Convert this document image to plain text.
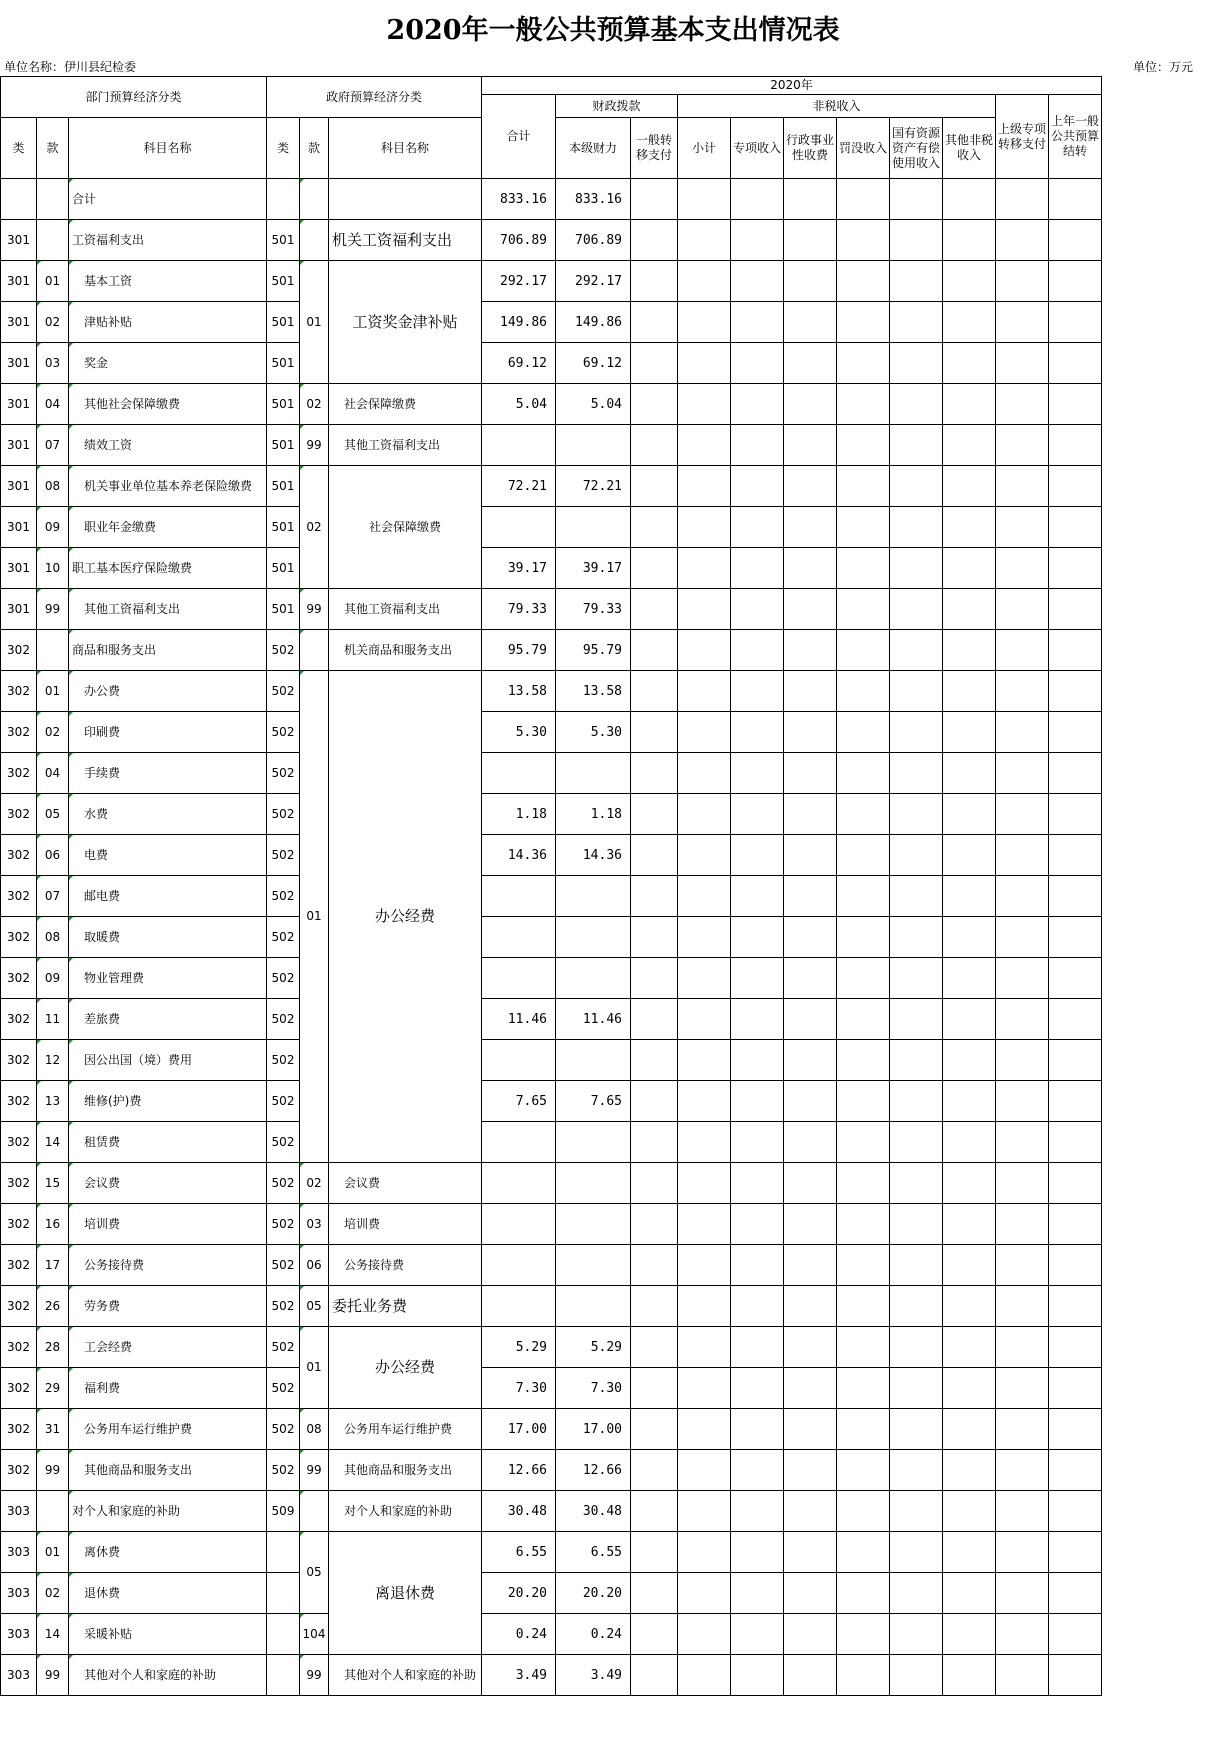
2020年一般公共预算基本支出情况表
单位名称：伊川县纪检委	单位：万元
部门预算经济分类			政府预算经济分类			2020年										
						合计	财政拨款		非税收入						上级专项转移支付	上年一般公共预算结转
									小计	专项收入	行政事业性收费	罚没收入	国有资源资产有偿使用收入	其他非税收入		
类	款	科目名称	类	款	科目名称		本级财力	一般转移支付								
		合计				833.16	833.16									
301		工资福利支出	501		机关工资福利支出	706.89	706.89									
301	01	基本工资	501	01	工资奖金津补贴	292.17	292.17									
301	02	津贴补贴	501			149.86	149.86									
301	03	奖金	501			69.12	69.12									
301	04	其他社会保障缴费	501	02	社会保障缴费	5.04	5.04									
301	07	绩效工资	501	99	其他工资福利支出											
301	08	机关事业单位基本养老保险缴费	501	02	社会保障缴费	72.21	72.21									
301	09	职业年金缴费	501													
301	10	职工基本医疗保险缴费	501			39.17	39.17									
301	99	其他工资福利支出	501	99	其他工资福利支出	79.33	79.33									
302		商品和服务支出	502		机关商品和服务支出	95.79	95.79									
302	01	办公费	502	01	办公经费	13.58	13.58									
302	02	印刷费	502			5.30	5.30									
302	04	手续费	502													
302	05	水费	502			1.18	1.18									
302	06	电费	502			14.36	14.36									
302	07	邮电费	502													
302	08	取暖费	502													
302	09	物业管理费	502													
302	11	差旅费	502			11.46	11.46									
302	12	因公出国（境）费用	502													
302	13	维修(护)费	502			7.65	7.65									
302	14	租赁费	502													
302	15	会议费	502	02	会议费											
302	16	培训费	502	03	培训费											
302	17	公务接待费	502	06	公务接待费											
302	26	劳务费	502	05	委托业务费											
302	28	工会经费	502	01	办公经费	5.29	5.29									
302	29	福利费	502			7.30	7.30									
302	31	公务用车运行维护费	502	08	公务用车运行维护费	17.00	17.00									
302	99	其他商品和服务支出	502	99	其他商品和服务支出	12.66	12.66									
303		对个人和家庭的补助	509		对个人和家庭的补助	30.48	30.48									
303	01	离休费		05	离退休费	6.55	6.55									
303	02	退休费				20.20	20.20									
303	14	采暖补贴		104		0.24	0.24									
303	99	其他对个人和家庭的补助		99	其他对个人和家庭的补助	3.49	3.49									
